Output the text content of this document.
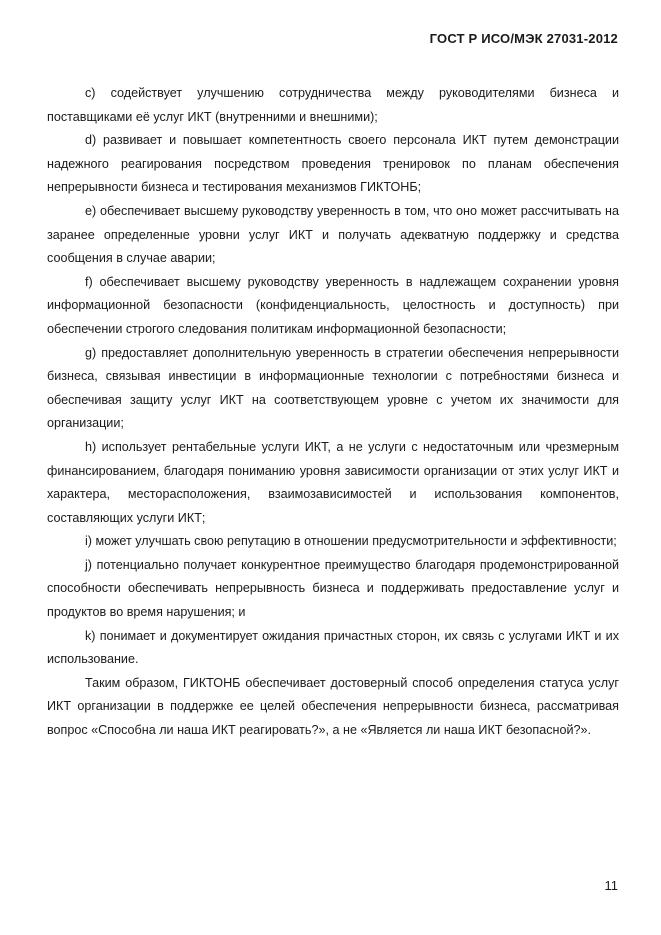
ГОСТ Р ИСО/МЭК 27031-2012

c) содействует улучшению сотрудничества между руководителями бизнеса и поставщиками её услуг ИКТ (внутренними и внешними);

d) развивает и повышает компетентность своего персонала ИКТ путем демонстрации надежного реагирования посредством проведения тренировок по планам обеспечения непрерывности бизнеса и тестирования механизмов ГИКТОНБ;

e) обеспечивает высшему руководству уверенность в том, что оно может рассчитывать на заранее определенные уровни услуг ИКТ и получать адекватную поддержку и средства сообщения в случае аварии;

f) обеспечивает высшему руководству уверенность в надлежащем сохранении уровня информационной безопасности (конфиденциальность, целостность и доступность) при обеспечении строгого следования политикам информационной безопасности;

g) предоставляет дополнительную уверенность в стратегии обеспечения непрерывности бизнеса, связывая инвестиции в информационные технологии с потребностями бизнеса и обеспечивая защиту услуг ИКТ на соответствующем уровне с учетом их значимости для организации;

h) использует рентабельные услуги ИКТ, а не услуги с недостаточным или чрезмерным финансированием, благодаря пониманию уровня зависимости организации от этих услуг ИКТ и характера, месторасположения, взаимозависимостей и использования компонентов, составляющих услуги ИКТ;

i) может улучшать свою репутацию в отношении предусмотрительности и эффективности;

j) потенциально получает конкурентное преимущество благодаря продемонстрированной способности обеспечивать непрерывность бизнеса и поддерживать предоставление услуг и продуктов во время нарушения; и

k) понимает и документирует ожидания причастных сторон, их связь с услугами ИКТ и их использование.

Таким образом, ГИКТОНБ обеспечивает достоверный способ определения статуса услуг ИКТ организации в поддержке ее целей обеспечения непрерывности бизнеса, рассматривая вопрос «Способна ли наша ИКТ реагировать?», а не «Является ли наша ИКТ безопасной?».

11
